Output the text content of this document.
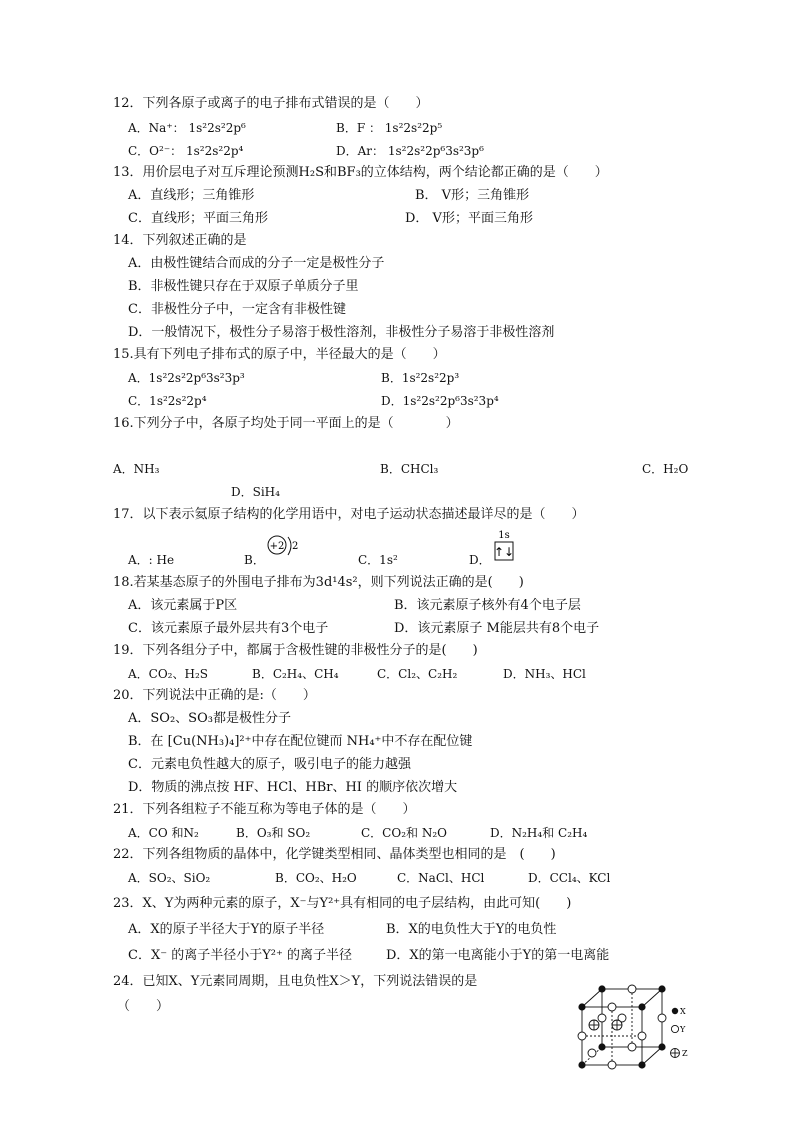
12．下列各原子或离子的电子排布式错误的是（　　）
A．Na⁺： 1s²2s²2p⁶	B．F ： 1s²2s²2p⁵
C．O²⁻： 1s²2s²2p⁴	D．Ar： 1s²2s²2p⁶3s²3p⁶
13．用价层电子对互斥理论预测H₂S和BF₃的立体结构，两个结论都正确的是（　　）
A．直线形；三角锥形	B． V形；三角锥形
C．直线形；平面三角形	D． V形；平面三角形
14．下列叙述正确的是
A．由极性键结合而成的分子一定是极性分子
B．非极性键只存在于双原子单质分子里
C．非极性分子中，一定含有非极性键
D．一般情况下，极性分子易溶于极性溶剂，非极性分子易溶于非极性溶剂
15.具有下列电子排布式的原子中，半径最大的是（　　）
A．1s²2s²2p⁶3s²3p³	B．1s²2s²2p³
C．1s²2s²2p⁴	D．1s²2s²2p⁶3s²3p⁴
16.下列分子中，各原子均处于同一平面上的是（　　　　）
A．NH₃	B．CHCl₃	C．H₂O
D．SiH₄
17．以下表示氦原子结构的化学用语中，对电子运动状态描述最详尽的是（　　）
A．: He	B．
+2 2
C．1s²	D．
1s
↑↓
18.若某基态原子的外围电子排布为3d¹4s²，则下列说法正确的是(　　)
A．该元素属于P区	B．该元素原子核外有4个电子层
C．该元素原子最外层共有3个电子	D．该元素原子 M能层共有8个电子
19．下列各组分子中，都属于含极性键的非极性分子的是(　　)
A．CO₂、H₂S	B．C₂H₄、CH₄	C．Cl₂、C₂H₂	D．NH₃、HCl
20．下列说法中正确的是:（　　）
A．SO₂、SO₃都是极性分子
B．在 [Cu(NH₃)₄]²⁺中存在配位键而 NH₄⁺中不存在配位键
C．元素电负性越大的原子，吸引电子的能力越强
D．物质的沸点按 HF、HCl、HBr、HI 的顺序依次增大
21．下列各组粒子不能互称为等电子体的是（　　）
A．CO 和N₂	B．O₃和 SO₂	C．CO₂和 N₂O	D．N₂H₄和 C₂H₄
22．下列各组物质的晶体中，化学键类型相同、晶体类型也相同的是　(　　)
A．SO₂、SiO₂	B．CO₂、H₂O	C．NaCl、HCl	D．CCl₄、KCl
23．X、Y为两种元素的原子，X⁻与Y²⁺具有相同的电子层结构，由此可知(　　)
A．X的原子半径大于Y的原子半径	B．X的电负性大于Y的电负性
C．X⁻ 的离子半径小于Y²⁺ 的离子半径	D．X的第一电离能小于Y的第一电离能
24．已知X、Y元素同周期，且电负性X＞Y，下列说法错误的是
（　　）	X
Y
Z
